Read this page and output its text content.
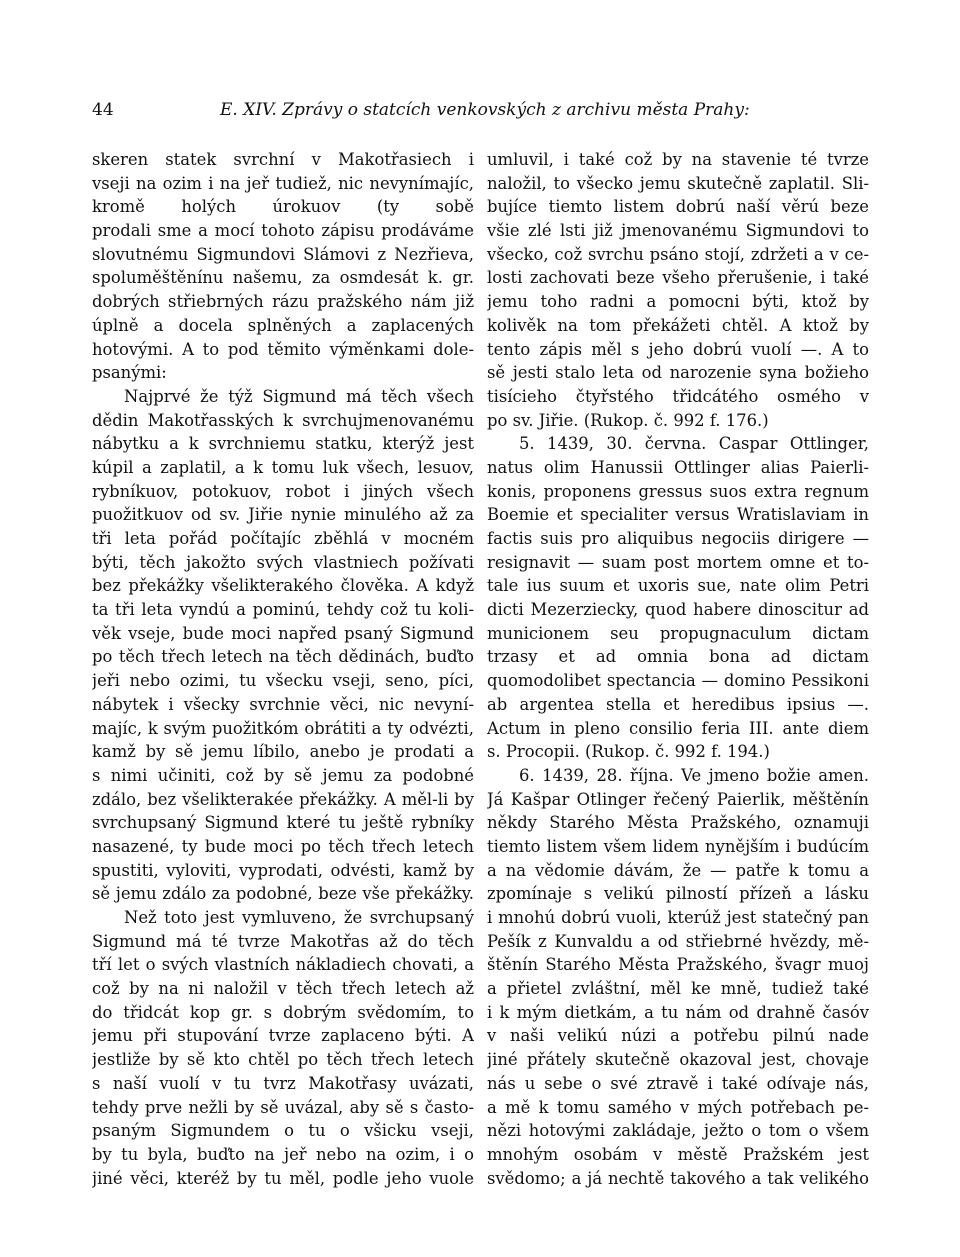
44	E. XIV. Zprávy o statcích venkovských z archivu města Prahy:
skeren statek svrchní v Makotřasiech i
vseji na ozim i na jeř tudiež, nic nevynímajíc,
kromě holých úrokuov (ty sobě
prodali sme a mocí tohoto zápisu prodáváme
slovutnému Sigmundovi Slámovi z Nezřieva,
spoluměštěnínu našemu, za osmdesát k. gr.
dobrých střiebrných rázu pražského nám již
úplně a docela splněných a zaplacených
hotovými. A to pod těmito výměnkami dole-
psanými:
Najprvé že týž Sigmund má těch všech
dědin Makotřasských k svrchujmenovanému
nábytku a k svrchniemu statku, kterýž jest
kúpil a zaplatil, a k tomu luk všech, lesuov,
rybníkuov, potokuov, robot i jiných všech
puožitkuov od sv. Jiřie nynie minulého až za
tři leta pořád počítajíc zběhlá v mocném
býti, těch jakožto svých vlastniech požívati
bez překážky všelikterakého člověka. A když
ta tři leta vyndú a pominú, tehdy což tu koli-
věk vseje, bude moci napřed psaný Sigmund
po těch třech letech na těch dědinách, buďto
jeři nebo ozimi, tu všecku vseji, seno, píci,
nábytek i všecky svrchnie věci, nic nevyní-
majíc, k svým puožitkóm obrátiti a ty odvézti,
kamž by sě jemu líbilo, anebo je prodati a
s nimi učiniti, což by sě jemu za podobné
zdálo, bez všelikterakée překážky. A měl-li by
svrchupsaný Sigmund které tu ještě rybníky
nasazené, ty bude moci po těch třech letech
spustiti, vyloviti, vyprodati, odvésti, kamž by
sě jemu zdálo za podobné, beze vše překážky.
Než toto jest vymluveno, že svrchupsaný
Sigmund má té tvrze Makotřas až do těch
tří let o svých vlastních nákladiech chovati, a
což by na ni naložil v těch třech letech až
do třidcát kop gr. s dobrým svědomím, to
jemu při stupování tvrze zaplaceno býti. A
jestliže by sě kto chtěl po těch třech letech
s naší vuolí v tu tvrz Makotřasy uvázati,
tehdy prve nežli by sě uvázal, aby sě s často-
psaným Sigmundem o tu o všicku vseji,
by tu byla, buďto na jeř nebo na ozim, i o
jiné věci, kteréž by tu měl, podle jeho vuole
umluvil, i také což by na stavenie té tvrze
naložil, to všecko jemu skutečně zaplatil. Sli-
bujíce tiemto listem dobrú naší věrú beze
všie zlé lsti již jmenovanému Sigmundovi to
všecko, což svrchu psáno stojí, zdržeti a v ce-
losti zachovati beze všeho přerušenie, i také
jemu toho radni a pomocni býti, ktož by
kolivěk na tom překážeti chtěl. A ktož by
tento zápis měl s jeho dobrú vuolí —. A to
sě jesti stalo leta od narozenie syna božieho
tisícieho čtyřstého třidcátého osmého v
po sv. Jiřie. (Rukop. č. 992 f. 176.)
5. 1439, 30. června. Caspar Ottlinger,
natus olim Hanussii Ottlinger alias Paierli-
konis, proponens gressus suos extra regnum
Boemie et specialiter versus Wratislaviam in
factis suis pro aliquibus negociis dirigere —
resignavit — suam post mortem omne et to-
tale ius suum et uxoris sue, nate olim Petri
dicti Mezerziecky, quod habere dinoscitur ad
municionem seu propugnaculum dictam
trzasy et ad omnia bona ad dictam
quomodolibet spectancia — domino Pessikoni
ab argentea stella et heredibus ipsius —.
Actum in pleno consilio feria III. ante diem
s. Procopii. (Rukop. č. 992 f. 194.)
6. 1439, 28. října. Ve jmeno božie amen.
Já Kašpar Otlinger řečený Paierlik, měštěnín
někdy Starého Města Pražského, oznamuji
tiemto listem všem lidem nynějším i budúcím
a na vědomie dávám, že — patře k tomu a
zpomínaje s velikú pilností přízeň a lásku
i mnohú dobrú vuoli, kterúž jest statečný pan
Pešík z Kunvaldu a od střiebrné hvězdy, mě-
štěnín Starého Města Pražského, švagr muoj
a přietel zvláštní, měl ke mně, tudiež také
i k mým dietkám, a tu nám od drahně časóv
v naši velikú núzi a potřebu pilnú nade
jiné přátely skutečně okazoval jest, chovaje
nás u sebe o své ztravě i také odívaje nás,
a mě k tomu samého v mých potřebach pe-
nězi hotovými zakládaje, ježto o tom o všem
mnohým osobám v městě Pražském jest
svědomo; a já nechtě takového a tak velikého
